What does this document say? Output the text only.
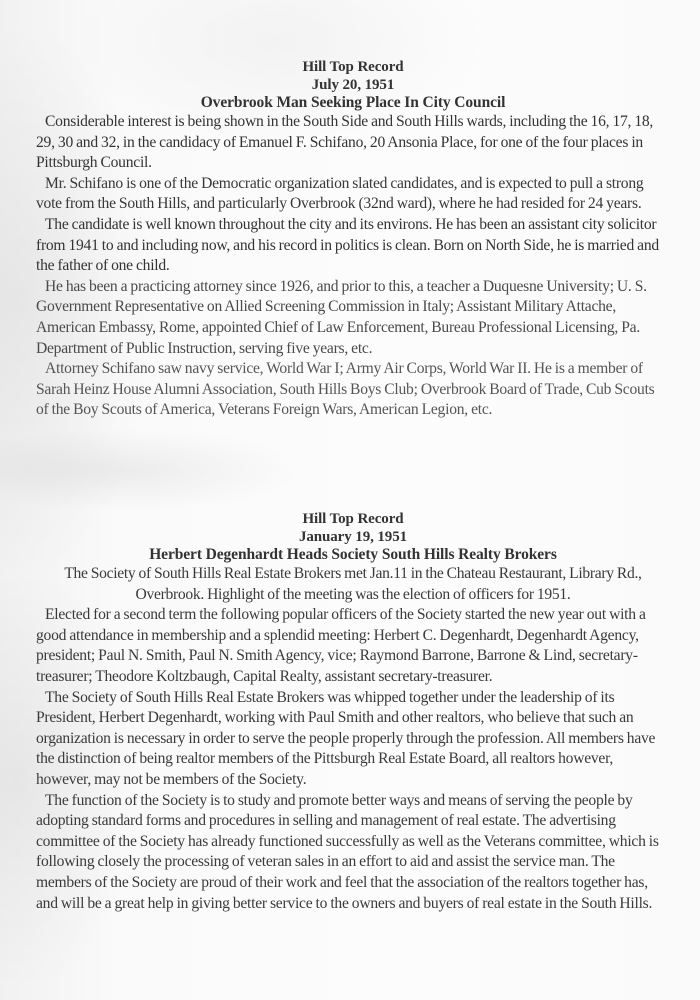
Hill Top Record
July 20, 1951
Overbrook Man Seeking Place In City Council

Considerable interest is being shown in the South Side and South Hills wards, including the 16, 17, 18, 29, 30 and 32, in the candidacy of Emanuel F. Schifano, 20 Ansonia Place, for one of the four places in Pittsburgh Council.

Mr. Schifano is one of the Democratic organization slated candidates, and is expected to pull a strong vote from the South Hills, and particularly Overbrook (32nd ward), where he had resided for 24 years.

The candidate is well known throughout the city and its environs. He has been an assistant city solicitor from 1941 to and including now, and his record in politics is clean. Born on North Side, he is married and the father of one child.

He has been a practicing attorney since 1926, and prior to this, a teacher a Duquesne University; U. S. Government Representative on Allied Screening Commission in Italy; Assistant Military Attache, American Embassy, Rome, appointed Chief of Law Enforcement, Bureau Professional Licensing, Pa. Department of Public Instruction, serving five years, etc.

Attorney Schifano saw navy service, World War I; Army Air Corps, World War II. He is a member of Sarah Heinz House Alumni Association, South Hills Boys Club; Overbrook Board of Trade, Cub Scouts of the Boy Scouts of America, Veterans Foreign Wars, American Legion, etc.

Hill Top Record
January 19, 1951
Herbert Degenhardt Heads Society South Hills Realty Brokers

The Society of South Hills Real Estate Brokers met Jan.11 in the Chateau Restaurant, Library Rd., Overbrook. Highlight of the meeting was the election of officers for 1951.

Elected for a second term the following popular officers of the Society started the new year out with a good attendance in membership and a splendid meeting: Herbert C. Degenhardt, Degenhardt Agency, president; Paul N. Smith, Paul N. Smith Agency, vice; Raymond Barrone, Barrone & Lind, secretary-treasurer; Theodore Koltzbaugh, Capital Realty, assistant secretary-treasurer.

The Society of South Hills Real Estate Brokers was whipped together under the leadership of its President, Herbert Degenhardt, working with Paul Smith and other realtors, who believe that such an organization is necessary in order to serve the people properly through the profession. All members have the distinction of being realtor members of the Pittsburgh Real Estate Board, all realtors however, however, may not be members of the Society.

The function of the Society is to study and promote better ways and means of serving the people by adopting standard forms and procedures in selling and management of real estate. The advertising committee of the Society has already functioned successfully as well as the Veterans committee, which is following closely the processing of veteran sales in an effort to aid and assist the service man. The members of the Society are proud of their work and feel that the association of the realtors together has, and will be a great help in giving better service to the owners and buyers of real estate in the South Hills.
